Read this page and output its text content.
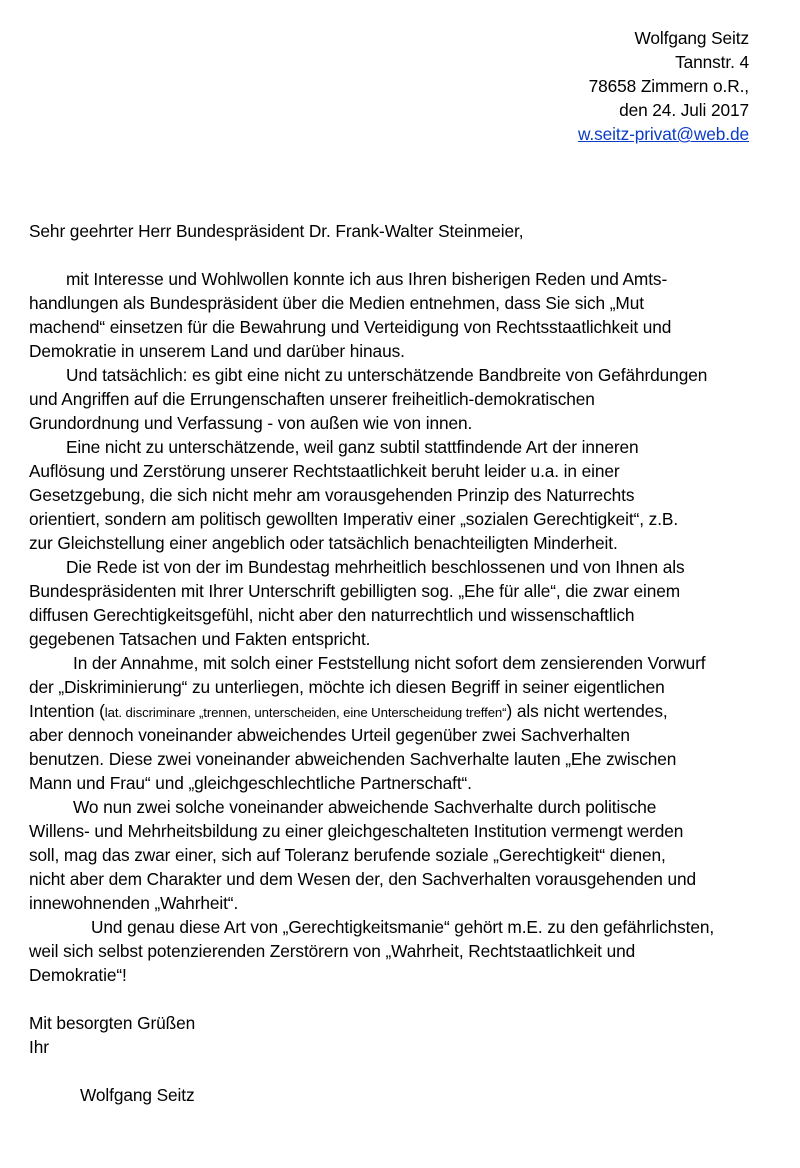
Wolfgang Seitz
Tannstr. 4
78658 Zimmern o.R.,
den 24. Juli 2017
w.seitz-privat@web.de
Sehr geehrter Herr Bundespräsident Dr. Frank-Walter Steinmeier,
mit Interesse und Wohlwollen konnte ich aus Ihren bisherigen Reden und Amts-
handlungen als Bundespräsident über die Medien entnehmen, dass Sie sich „Mut
machend“ einsetzen für die Bewahrung und Verteidigung von Rechtsstaatlichkeit und
Demokratie in unserem Land und darüber hinaus.
Und tatsächlich: es gibt eine nicht zu unterschätzende Bandbreite von Gefährdungen
und Angriffen auf die Errungenschaften unserer freiheitlich-demokratischen
Grundordnung und Verfassung - von außen wie von innen.
Eine nicht zu unterschätzende, weil ganz subtil stattfindende Art der inneren
Auflösung und Zerstörung unserer Rechtstaatlichkeit beruht leider u.a. in einer
Gesetzgebung, die sich nicht mehr am vorausgehenden Prinzip des Naturrechts
orientiert, sondern am politisch gewollten Imperativ einer „sozialen Gerechtigkeit“, z.B.
zur Gleichstellung einer angeblich oder tatsächlich benachteiligten Minderheit.
Die Rede ist von der im Bundestag mehrheitlich beschlossenen und von Ihnen als
Bundespräsidenten mit Ihrer Unterschrift gebilligten sog. „Ehe für alle“, die zwar einem
diffusen Gerechtigkeitsgefühl, nicht aber den naturrechtlich und wissenschaftlich
gegebenen Tatsachen und Fakten entspricht.
In der Annahme, mit solch einer Feststellung nicht sofort dem zensierenden Vorwurf
der „Diskriminierung“ zu unterliegen, möchte ich diesen Begriff in seiner eigentlichen
Intention (lat. discriminare „trennen, unterscheiden, eine Unterscheidung treffen“) als nicht wertendes,
aber dennoch voneinander abweichendes Urteil gegenüber zwei Sachverhalten
benutzen. Diese zwei voneinander abweichenden Sachverhalte lauten „Ehe zwischen
Mann und Frau“ und „gleichgeschlechtliche Partnerschaft“.
Wo nun zwei solche voneinander abweichende Sachverhalte durch politische
Willens- und Mehrheitsbildung zu einer gleichgeschalteten Institution vermengt werden
soll, mag das zwar einer, sich auf Toleranz berufende soziale „Gerechtigkeit“ dienen,
nicht aber dem Charakter und dem Wesen der, den Sachverhalten vorausgehenden und
innewohnenden „Wahrheit“.
Und genau diese Art von „Gerechtigkeitsmanie“ gehört m.E. zu den gefährlichsten,
weil sich selbst potenzierenden Zerstörern von „Wahrheit, Rechtstaatlichkeit und
Demokratie“!
Mit besorgten Grüßen
Ihr
Wolfgang Seitz
